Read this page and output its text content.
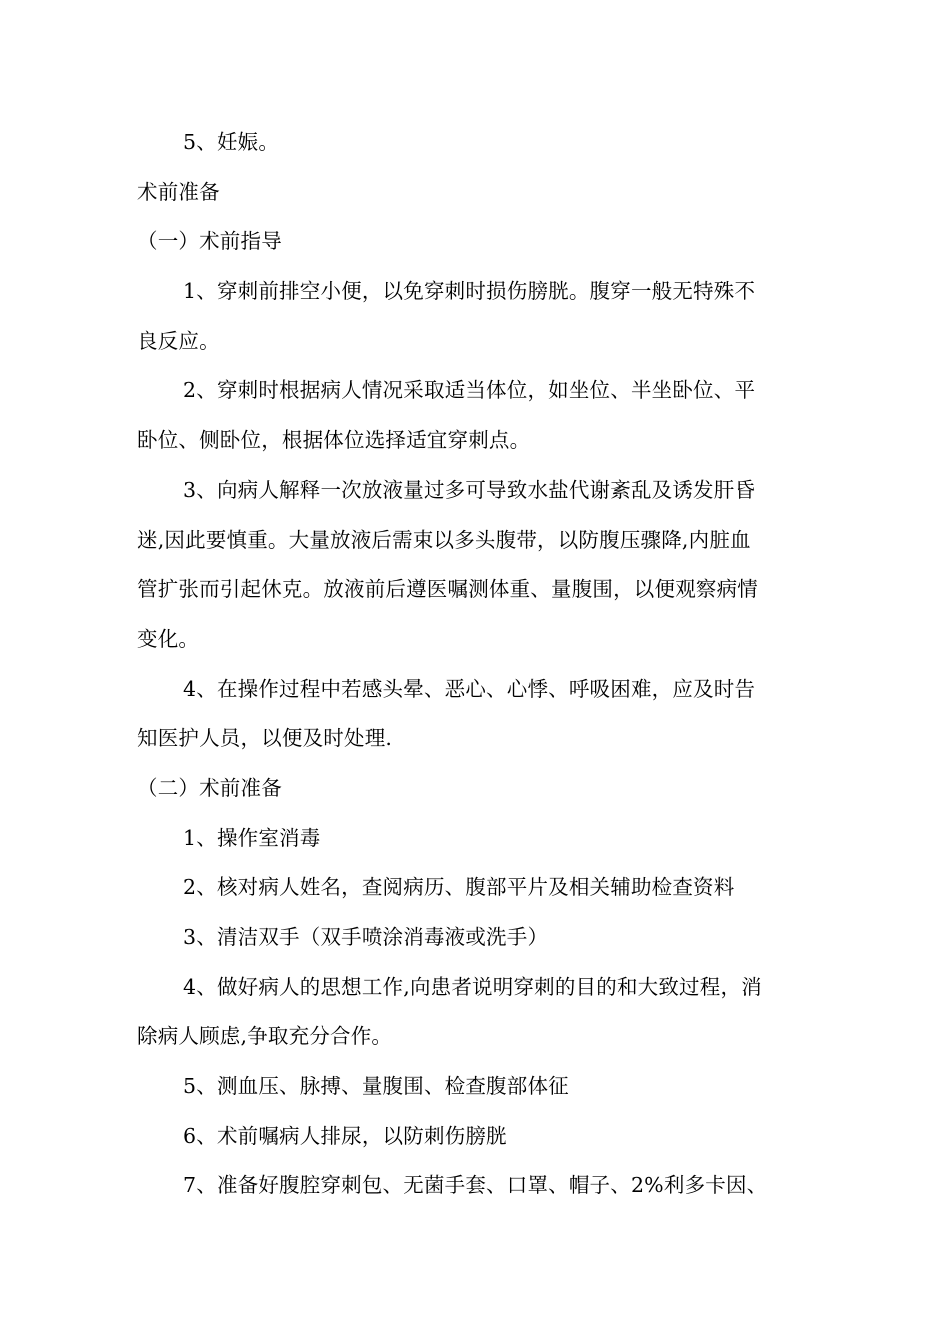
5、妊娠。
术前准备
（一）术前指导
1、穿刺前排空小便，以免穿刺时损伤膀胱。腹穿一般无特殊不
良反应。
2、穿刺时根据病人情况采取适当体位，如坐位、半坐卧位、平
卧位、侧卧位，根据体位选择适宜穿刺点。
3、向病人解释一次放液量过多可导致水盐代谢紊乱及诱发肝昏
迷,因此要慎重。大量放液后需束以多头腹带，以防腹压骤降,内脏血
管扩张而引起休克。放液前后遵医嘱测体重、量腹围，以便观察病情
变化。
4、在操作过程中若感头晕、恶心、心悸、呼吸困难，应及时告
知医护人员，以便及时处理.
（二）术前准备
1、操作室消毒
2、核对病人姓名，查阅病历、腹部平片及相关辅助检查资料
3、清洁双手（双手喷涂消毒液或洗手）
4、做好病人的思想工作,向患者说明穿刺的目的和大致过程，消
除病人顾虑,争取充分合作。
5、测血压、脉搏、量腹围、检查腹部体征
6、术前嘱病人排尿，以防刺伤膀胱
7、准备好腹腔穿刺包、无菌手套、口罩、帽子、2%利多卡因、
